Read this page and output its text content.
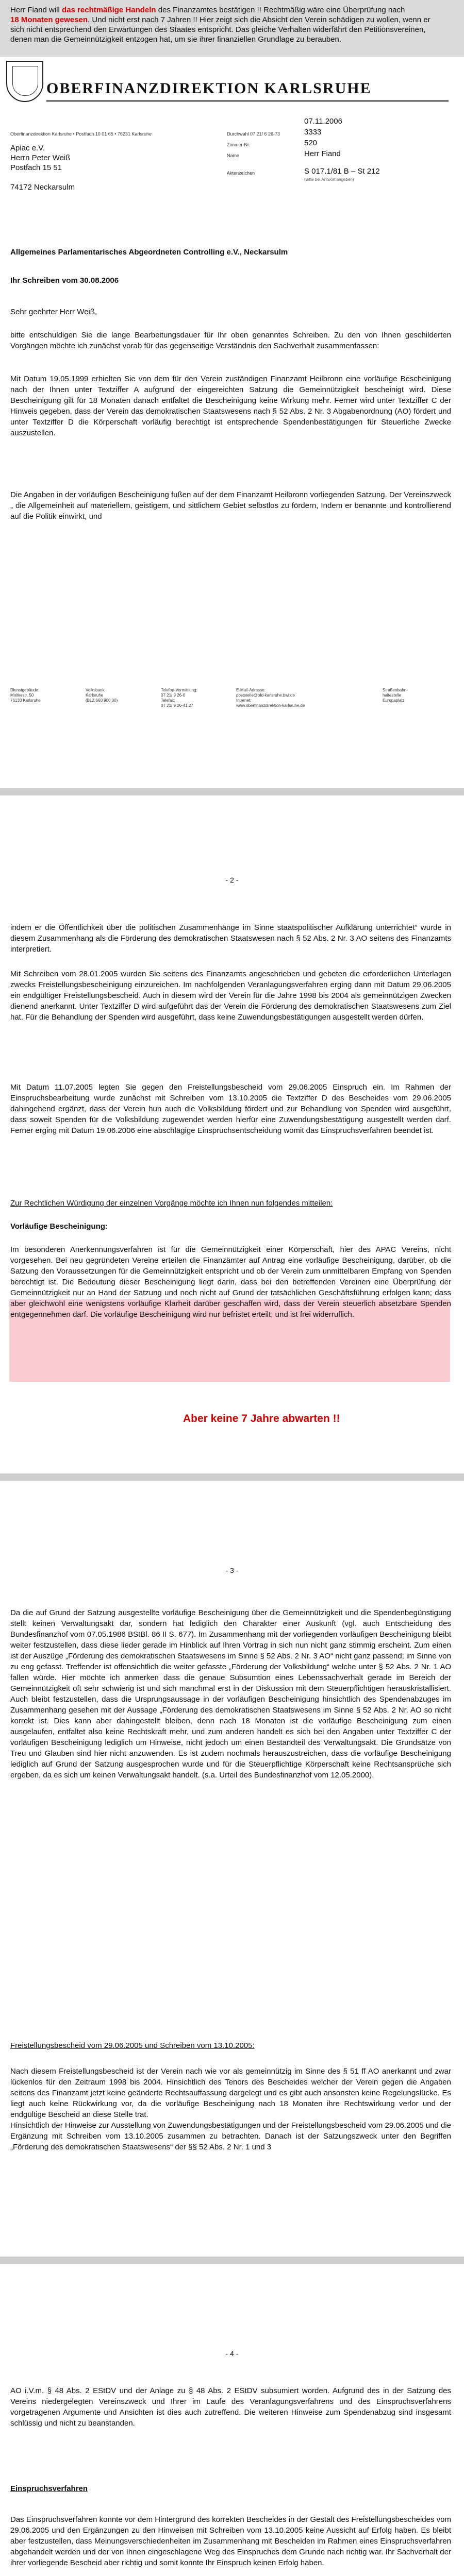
Herr Fiand will das rechtmäßige Handeln des Finanzamtes bestätigen !! Rechtmäßig wäre eine Überprüfung nach
18 Monaten gewesen. Und nicht erst nach 7 Jahren !! Hier zeigt sich die Absicht den Verein schädigen zu wollen, wenn er
sich nicht entsprechend den Erwartungen des Staates entspricht. Das gleiche Verhalten widerfährt den Petitionsvereinen,
denen man die Gemeinnützigkeit entzogen hat, um sie ihrer finanziellen Grundlage zu berauben.
OBERFINANZDIREKTION KARLSRUHE
Oberfinanzdirektion Karlsruhe • Postfach 10 01 65 • 76231 Karlsruhe
Apiac e.V.
Herrn Peter Weiß
Postfach 15 51
74172 Neckarsulm
07.11.2006
Durchwahl 07 21/ 6 26-73	3333
Zimmer-Nr.	520
Name	Herr Fiand
Aktenzeichen	S 017.1/81 B – St 212
(Bitte bei Antwort angeben)
Allgemeines Parlamentarisches Abgeordneten Controlling e.V., Neckarsulm
Ihr Schreiben vom 30.08.2006

Sehr geehrter Herr Weiß,

bitte entschuldigen Sie die lange Bearbeitungsdauer für Ihr oben genanntes Schreiben. Zu den von Ihnen geschilderten Vorgängen möchte ich zunächst vorab für das gegenseitige Verständnis den Sachverhalt zusammenfassen:

Mit Datum 19.05.1999 erhielten Sie von dem für den Verein zuständigen Finanzamt Heilbronn eine vorläufige Bescheinigung nach der Ihnen unter Textziffer A aufgrund der eingereichten Satzung die Gemeinnützigkeit bescheinigt wird. Diese Bescheinigung gilt für 18 Monaten danach entfaltet die Bescheinigung keine Wirkung mehr. Ferner wird unter Textziffer C der Hinweis gegeben, dass der Verein das demokratischen Staatswesens nach § 52 Abs. 2 Nr. 3 Abgabenordnung (AO) fördert und unter Textziffer D die Körperschaft vorläufig berechtigt ist entsprechende Spendenbestätigungen für Steuerliche Zwecke auszustellen.

Die Angaben in der vorläufigen Bescheinigung fußen auf der dem Finanzamt Heilbronn vorliegenden Satzung. Der Vereinszweck „ die Allgemeinheit auf materiellem, geistigem, und sittlichem Gebiet selbstlos zu fördern, Indem er benannte und kontrollierend auf die Politik einwirkt, und

Dienstgebäude:
Moltkestr. 50
76133 Karlsruhe
Volksbank
Karlsruhe
(BLZ 660 900 00)
Telefon-Vermittlung:
07 21/ 9 26-0
Telefax:
07 21/ 9 26-41 27
E-Mail-Adresse:
poststelle@ofd-karlsruhe.bwl.de
Internet:
www.oberfinanzdirektion-karlsruhe.de
Straßenbahn-
haltestelle
Europaplatz
- 2 -

indem er die Öffentlichkeit über die politischen Zusammenhänge im Sinne staatspolitischer Aufklärung unterrichtet“ wurde in diesem Zusammenhang als die Förderung des demokratischen Staatswesen nach § 52 Abs. 2 Nr. 3 AO seitens des Finanzamts interpretiert.

Mit Schreiben vom 28.01.2005 wurden Sie seitens des Finanzamts angeschrieben und gebeten die erforderlichen Unterlagen zwecks Freistellungsbescheinigung einzureichen. Im nachfolgenden Veranlagungsverfahren erging dann mit Datum 29.06.2005 ein endgültiger Freistellungsbescheid. Auch in diesem wird der Verein für die Jahre 1998 bis 2004 als gemeinnützigen Zwecken dienend anerkannt. Unter Textziffer D wird aufgeführt das der Verein die Förderung des demokratischen Staatswesens zum Ziel hat. Für die Behandlung der Spenden wird ausgeführt, dass keine Zuwendungsbestätigungen ausgestellt werden dürfen.

Mit Datum 11.07.2005 legten Sie gegen den Freistellungsbescheid vom 29.06.2005 Einspruch ein. Im Rahmen der Einspruchsbearbeitung wurde zunächst mit Schreiben vom 13.10.2005 die Textziffer D des Bescheides vom 29.06.2005 dahingehend ergänzt, dass der Verein hun auch die Volksbildung fördert und zur Behandlung von Spenden wird ausgeführt, dass soweit Spenden für die Volksbildung zugewendet werden hierfür eine Zuwendungsbestätigung ausgestellt werden darf. Ferner erging mit Datum 19.06.2006 eine abschlägige Einspruchsentscheidung womit das Einspruchsverfahren beendet ist.

Zur Rechtlichen Würdigung der einzelnen Vorgänge möchte ich Ihnen nun folgendes mitteilen:

Vorläufige Bescheinigung:

Im besonderen Anerkennungsverfahren ist für die Gemeinnützigkeit einer Körperschaft, hier des APAC Vereins, nicht vorgesehen. Bei neu gegründeten Vereine erteilen die Finanzämter auf Antrag eine vorläufige Bescheinigung, darüber, ob die Satzung den Voraussetzungen für die Gemeinnützigkeit entspricht und ob der Verein zum unmittelbaren Empfang von Spenden berechtigt ist. Die Bedeutung dieser Bescheinigung liegt darin, dass bei den betreffenden Vereinen eine Überprüfung der Gemeinnützigkeit nur an Hand der Satzung und noch nicht auf Grund der tatsächlichen Geschäftsführung erfolgen kann; dass aber gleichwohl eine wenigstens vorläufige Klarheit darüber geschaffen wird, dass der Verein steuerlich absetzbare Spenden entgegennehmen darf. Die vorläufige Bescheinigung wird nur befristet erteilt; und ist frei widerruflich.

Aber keine 7 Jahre abwarten !!
- 3 -

Da die auf Grund der Satzung ausgestellte vorläufige Bescheinigung über die Gemeinnützigkeit und die Spendenbegünstigung stellt keinen Verwaltungsakt dar, sondern hat lediglich den Charakter einer Auskunft (vgl. auch Entscheidung des Bundesfinanzhof vom 07.05.1986 BStBl. 86 II S. 677). Im Zusammenhang mit der vorliegenden vorläufigen Bescheinigung bleibt weiter festzustellen, dass diese lieder gerade im Hinblick auf Ihren Vortrag in sich nun nicht ganz stimmig erscheint. Zum einen ist der Auszüge „Förderung des demokratischen Staatswesens im Sinne § 52 Abs. 2 Nr. 3 AO“ nicht ganz passend; im Sinne von zu eng gefasst. Treffender ist offensichtlich die weiter gefasste „Förderung der Volksbildung“ welche unter § 52 Abs. 2 Nr. 1 AO fallen würde. Hier möchte ich anmerken dass die genaue Subsumtion eines Lebenssachverhalt gerade im Bereich der Gemeinnützigkeit oft sehr schwierig ist und sich manchmal erst in der Diskussion mit dem Steuerpflichtigen herauskristallisiert. Auch bleibt festzustellen, dass die Ursprungsaussage in der vorläufigen Bescheinigung hinsichtlich des Spendenabzuges im Zusammenhang gesehen mit der Aussage „Förderung des demokratischen Staatswesens im Sinne § 52 Abs. 2 Nr. AO so nicht korrekt ist. Dies kann aber dahingestellt bleiben, denn nach 18 Monaten ist die vorläufige Bescheinigung zum einen ausgelaufen, entfaltet also keine Rechtskraft mehr, und zum anderen handelt es sich bei den Angaben unter Textziffer C der vorläufigen Bescheinigung lediglich um Hinweise, nicht jedoch um einen Bestandteil des Verwaltungsakt. Die Grundsätze von Treu und Glauben sind hier nicht anzuwenden. Es ist zudem nochmals herauszustreichen, dass die vorläufige Bescheinigung lediglich auf Grund der Satzung ausgesprochen wurde und für die Steuerpflichtige Körperschaft keine Rechtsansprüche sich ergeben, da es sich um keinen Verwaltungsakt handelt. (s.a. Urteil des Bundesfinanzhof vom 12.05.2000).

Freistellungsbescheid vom 29.06.2005 und Schreiben vom 13.10.2005:

Nach diesem Freistellungsbescheid ist der Verein nach wie vor als gemeinnützig im Sinne des § 51 ff AO anerkannt und zwar lückenlos für den Zeitraum 1998 bis 2004. Hinsichtlich des Tenors des Bescheides welcher der Verein gegen die Angaben seitens des Finanzamt jetzt keine geänderte Rechtsauffassung dargelegt und es gibt auch ansonsten keine Regelungslücke. Es liegt auch keine Rückwirkung vor, da die vorläufige Bescheinigung nach 18 Monaten ihre Rechtswirkung verlor und der endgültige Bescheid an diese Stelle trat.
Hinsichtlich der Hinweise zur Ausstellung von Zuwendungsbestätigungen und der Freistellungsbescheid vom 29.06.2005 und die Ergänzung mit Schreiben vom 13.10.2005 zusammen zu betrachten. Danach ist der Satzungszweck unter den Begriffen „Förderung des demokratischen Staatswesens“ der §§ 52 Abs. 2 Nr. 1 und 3

- 4 -

AO i.V.m. § 48 Abs. 2 EStDV und der Anlage zu § 48 Abs. 2 EStDV subsumiert worden. Aufgrund des in der Satzung des Vereins niedergelegten Vereinszweck und Ihrer im Laufe des Veranlagungsverfahrens und des Einspruchsverfahrens vorgetragenen Argumente und Ansichten ist dies auch zutreffend. Die weiteren Hinweise zum Spendenabzug sind insgesamt schlüssig und nicht zu beanstanden.

Einspruchsverfahren

Das Einspruchsverfahren konnte vor dem Hintergrund des korrekten Bescheides in der Gestalt des Freistellungsbescheides vom 29.06.2005 und den Ergänzungen zu den Hinweisen mit Schreiben vom 13.10.2005 keine Aussicht auf Erfolg haben. Es bleibt aber festzustellen, dass Meinungsverschiedenheiten im Zusammenhang mit Bescheiden im Rahmen eines Einspruchsverfahren abgehandelt werden und der von Ihnen eingeschlagene Weg des Einspruches dem Grunde nach richtig war. Ihr Sachverhalt der ihrer vorliegende Bescheid aber richtig und somit konnte Ihr Einspruch keinen Erfolg haben.
